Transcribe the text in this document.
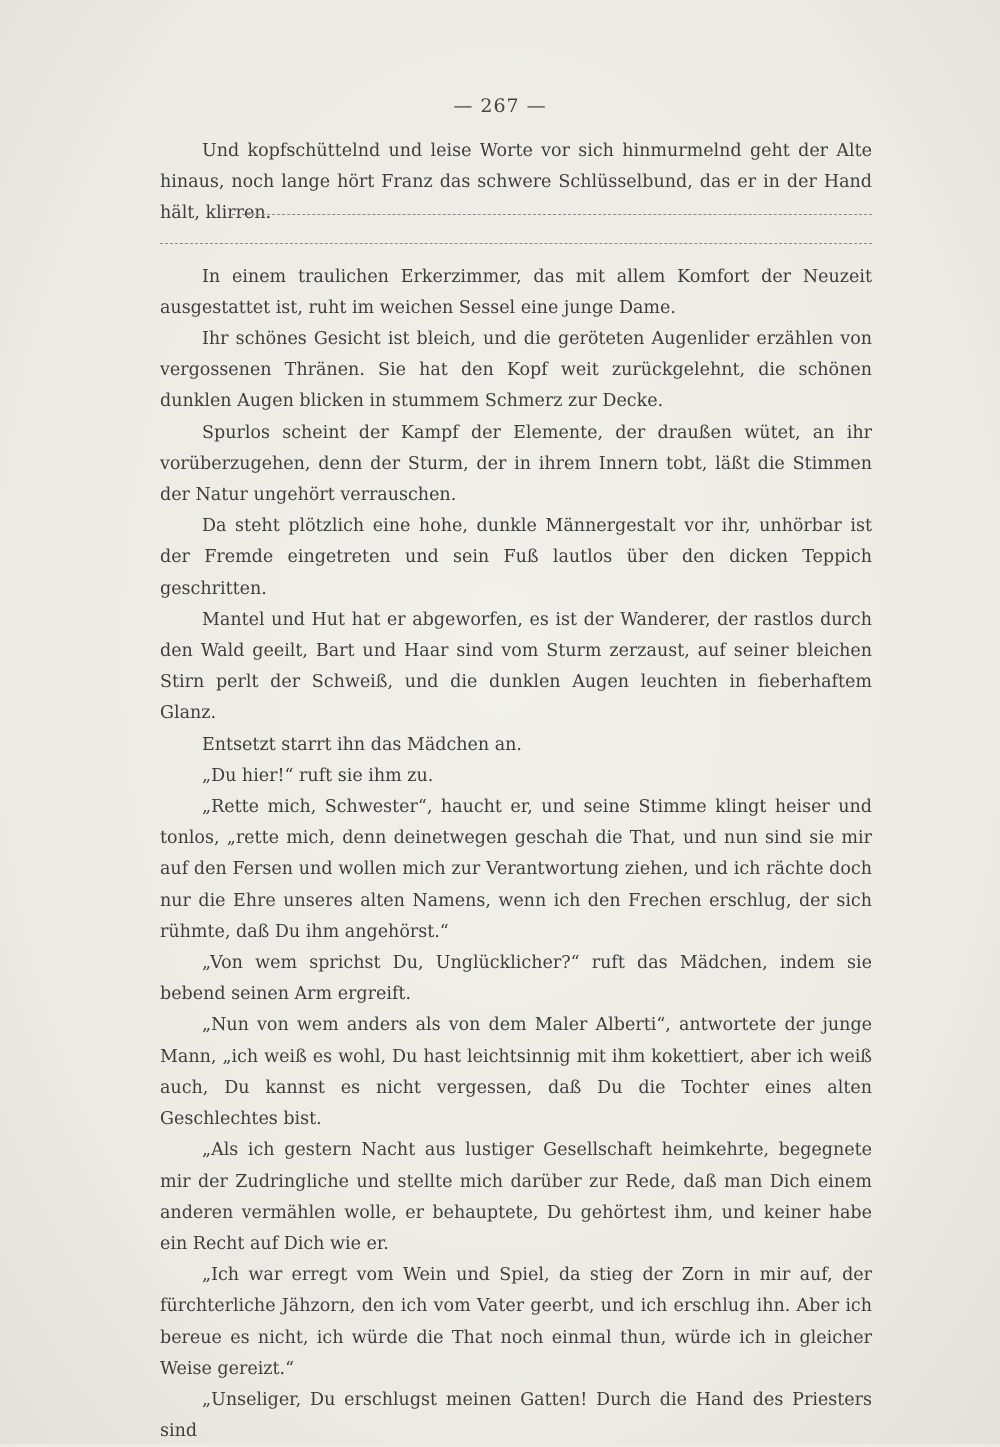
— 267 —

Und kopfschüttelnd und leise Worte vor sich hinmurmelnd geht der Alte hinaus, noch lange hört Franz das schwere Schlüsselbund, das er in der Hand hält, klirren.

In einem traulichen Erkerzimmer, das mit allem Komfort der Neuzeit ausgestattet ist, ruht im weichen Sessel eine junge Dame.

Ihr schönes Gesicht ist bleich, und die geröteten Augenlider erzählen von vergossenen Thränen. Sie hat den Kopf weit zurückgelehnt, die schönen dunklen Augen blicken in stummem Schmerz zur Decke.

Spurlos scheint der Kampf der Elemente, der draußen wütet, an ihr vorüberzugehen, denn der Sturm, der in ihrem Innern tobt, läßt die Stimmen der Natur ungehört verrauschen.

Da steht plötzlich eine hohe, dunkle Männergestalt vor ihr, unhörbar ist der Fremde eingetreten und sein Fuß lautlos über den dicken Teppich geschritten.

Mantel und Hut hat er abgeworfen, es ist der Wanderer, der rastlos durch den Wald geeilt, Bart und Haar sind vom Sturm zerzaust, auf seiner bleichen Stirn perlt der Schweiß, und die dunklen Augen leuchten in fieberhaftem Glanz.

Entsetzt starrt ihn das Mädchen an.

„Du hier!“ ruft sie ihm zu.

„Rette mich, Schwester“, haucht er, und seine Stimme klingt heiser und tonlos, „rette mich, denn deinetwegen geschah die That, und nun sind sie mir auf den Fersen und wollen mich zur Verantwortung ziehen, und ich rächte doch nur die Ehre unseres alten Namens, wenn ich den Frechen erschlug, der sich rühmte, daß Du ihm angehörst.“

„Von wem sprichst Du, Unglücklicher?“ ruft das Mädchen, indem sie bebend seinen Arm ergreift.

„Nun von wem anders als von dem Maler Alberti“, antwortete der junge Mann, „ich weiß es wohl, Du hast leichtsinnig mit ihm kokettiert, aber ich weiß auch, Du kannst es nicht vergessen, daß Du die Tochter eines alten Geschlechtes bist.

„Als ich gestern Nacht aus lustiger Gesellschaft heimkehrte, begegnete mir der Zudringliche und stellte mich darüber zur Rede, daß man Dich einem anderen vermählen wolle, er behauptete, Du gehörtest ihm, und keiner habe ein Recht auf Dich wie er.

„Ich war erregt vom Wein und Spiel, da stieg der Zorn in mir auf, der fürchterliche Jähzorn, den ich vom Vater geerbt, und ich erschlug ihn. Aber ich bereue es nicht, ich würde die That noch einmal thun, würde ich in gleicher Weise gereizt.“

„Unseliger, Du erschlugst meinen Gatten! Durch die Hand des Priesters sind
